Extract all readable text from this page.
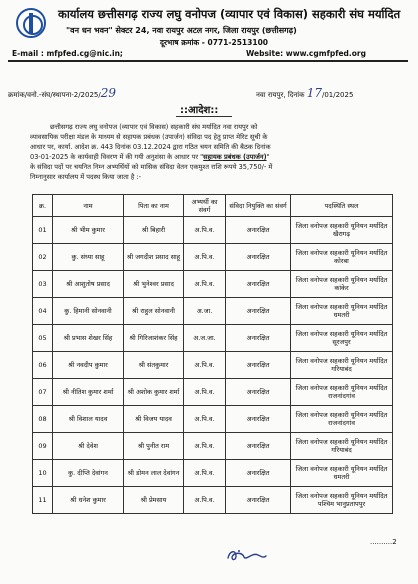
कार्यालय छत्तीसगढ़ राज्य लघु वनोपज (व्यापार एवं विकास) सहकारी संघ मर्यादित
"वन धन भवन" सेक्टर 24, नवा रायपुर अटल नगर, जिला रायपुर (छत्तीसगढ़)
दूरभाष क्रमांक - 0771-2513100
E-mail : mfpfed.cg@nic.in;	Website: www.cgmfpfed.org
क्रमांक/वनो.-संघ/स्थापना-2/2025/29	नवा रायपुर, दिनांक 17/01/2025
::आदेश::

छत्तीसगढ़ राज्य लघु वनोपज (व्यापार एवं विकास) सहकारी संघ मर्यादित नवा रायपुर को

व्यावसायिक परीक्षा मंडल के माध्यम से सहायक प्रबंधक (उपार्जन) संविदा पद हेतु प्राप्त मेरिट सूची के

आधार पर, कार्या. आदेश क्र. 443 दिनांक 03.12.2024 द्वारा गठित चयन समिति की बैठक दिनांक

03-01-2025 के कार्यवाही विवरण में की गयी अनुशंसा के आधार पर "सहायक प्रबंधक (उपार्जन)"

के संविदा पदों पर चयनित निम्न अभ्यर्थियों को मासिक संविदा वेतन एकमुश्त राशि रूपये 35,750/- में

निम्नानुसार कार्यालय में पदस्थ किया जाता है :-

क्र.	नाम	पिता का नाम	अभ्यर्थी का संवर्ग	संविदा नियुक्ति का संवर्ग	पदस्थिति स्थल
01	श्री भीम कुमार	श्री बिहारी	अ.पि.व.	अनारक्षित	जिला वनोपज सहकारी यूनियन मर्यादित खैरागढ़
02	कु. संध्या साहू	श्री जगदीश प्रसाद साहू	अ.पि.व.	अनारक्षित	जिला वनोपज सहकारी यूनियन मर्यादित कोरबा
03	श्री आशुतोष प्रसाद	श्री भुनेश्वर प्रसाद	अ.पि.व.	अनारक्षित	जिला वनोपज सहकारी यूनियन मर्यादित कांकेर
04	कु. हिमानी सोनवानी	श्री राहुल सोनवानी	अ.जा.	अनारक्षित	जिला वनोपज सहकारी यूनियन मर्यादित धमतरी
05	श्री प्रभास शेखर सिंह	श्री गिरिजाशंकर सिंह	अ.ज.जा.	अनारक्षित	जिला वनोपज सहकारी यूनियन मर्यादित सूरजपुर
06	श्री नवदीप कुमार	श्री संतकुमार	अ.पि.व.	अनारक्षित	जिला वनोपज सहकारी यूनियन मर्यादित गरियाबंद
07	श्री नीतिश कुमार शर्मा	श्री अशोक कुमार शर्मा	अ.पि.व.	अनारक्षित	जिला वनोपज सहकारी यूनियन मर्यादित राजनांदगांव
08	श्री विशाल यादव	श्री विजय यादव	अ.पि.व.	अनारक्षित	जिला वनोपज सहकारी यूनियन मर्यादित राजनांदगांव
09	श्री देवेश	श्री पुनीत राम	अ.पि.व.	अनारक्षित	जिला वनोपज सहकारी यूनियन मर्यादित गरियाबंद
10	कु. दीप्ति देवांगन	श्री डोमन लाल देवांगन	अ.पि.व.	अनारक्षित	जिला वनोपज सहकारी यूनियन मर्यादित धमतरी
11	श्री धनेश कुमार	श्री प्रेमसाय	अ.पि.व.	अनारक्षित	जिला वनोपज सहकारी यूनियन मर्यादित पश्चिम भानुप्रतापपुर
..........2
